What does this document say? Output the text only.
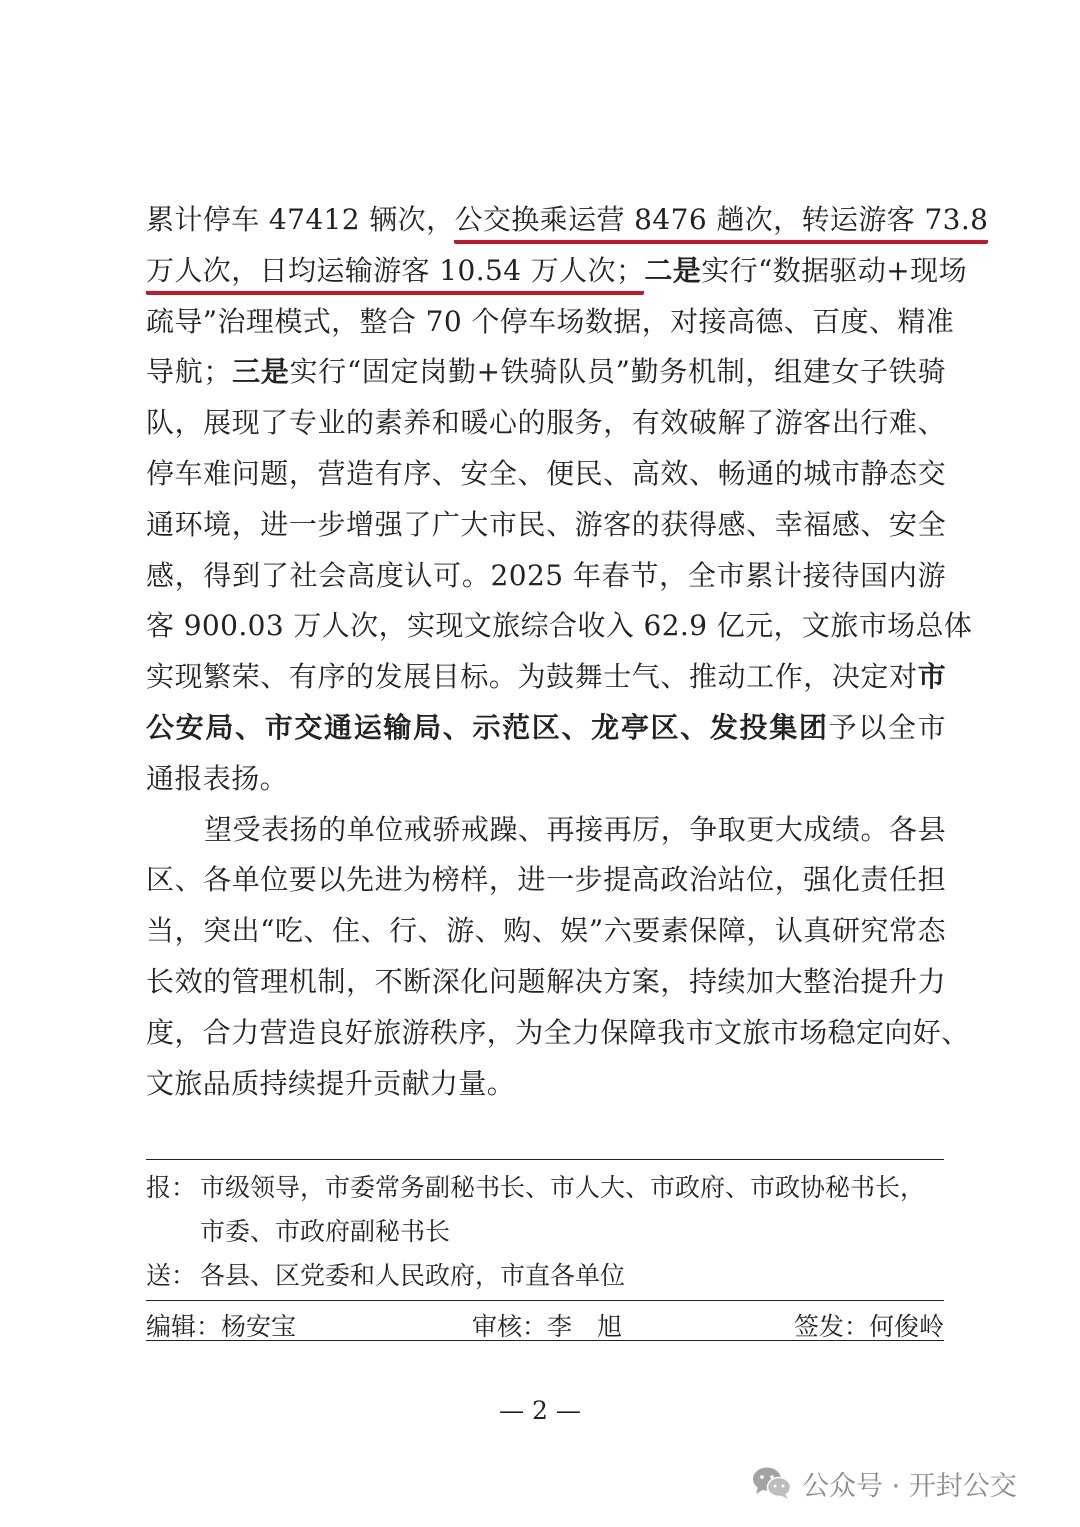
累计停车 47412 辆次，公交换乘运营 8476 趟次，转运游客 73.8
万人次，日均运输游客 10.54 万人次；二是实行“数据驱动+现场
疏导”治理模式，整合 70 个停车场数据，对接高德、百度、精准
导航；三是实行“固定岗勤+铁骑队员”勤务机制，组建女子铁骑
队，展现了专业的素养和暖心的服务，有效破解了游客出行难、
停车难问题，营造有序、安全、便民、高效、畅通的城市静态交
通环境，进一步增强了广大市民、游客的获得感、幸福感、安全
感，得到了社会高度认可。2025 年春节，全市累计接待国内游
客 900.03 万人次，实现文旅综合收入 62.9 亿元，文旅市场总体
实现繁荣、有序的发展目标。为鼓舞士气、推动工作，决定对市
公安局、市交通运输局、示范区、龙亭区、发投集团予以全市
通报表扬。
望受表扬的单位戒骄戒躁、再接再厉，争取更大成绩。各县
区、各单位要以先进为榜样，进一步提高政治站位，强化责任担
当，突出“吃、住、行、游、购、娱”六要素保障，认真研究常态
长效的管理机制，不断深化问题解决方案，持续加大整治提升力
度，合力营造良好旅游秩序，为全力保障我市文旅市场稳定向好、
文旅品质持续提升贡献力量。
报： 市级领导，市委常务副秘书长、市人大、市政府、市政协秘书长，
市委、市政府副秘书长
送： 各县、区党委和人民政府，市直各单位
编辑：杨安宝	审核：李　旭	签发：何俊岭
— 2 —
公众号 · 开封公交
